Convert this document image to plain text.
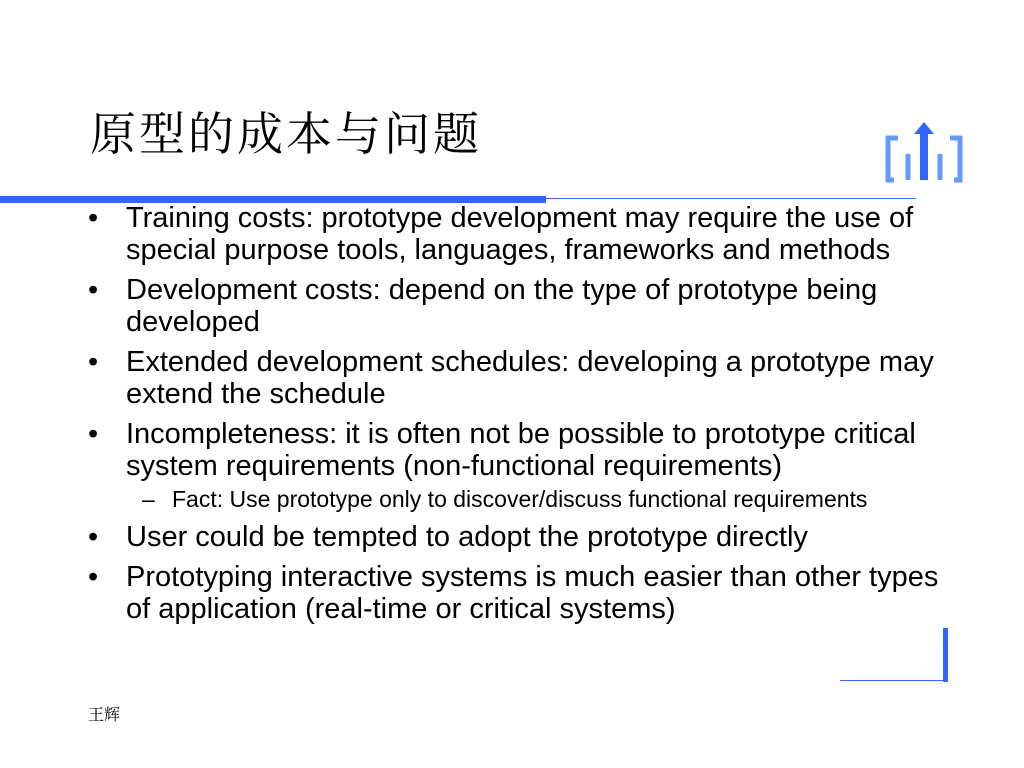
原型的成本与问题
• Training costs: prototype development may require the use of special purpose tools, languages, frameworks and methods
• Development costs: depend on the type of prototype being developed
• Extended development schedules: developing a prototype may extend the schedule
• Incompleteness: it is often not be possible to prototype critical system requirements (non-functional requirements)
– Fact: Use prototype only to discover/discuss functional requirements
• User could be tempted to adopt the prototype directly
• Prototyping interactive systems is much easier than other types of application (real-time or critical systems)
王辉
